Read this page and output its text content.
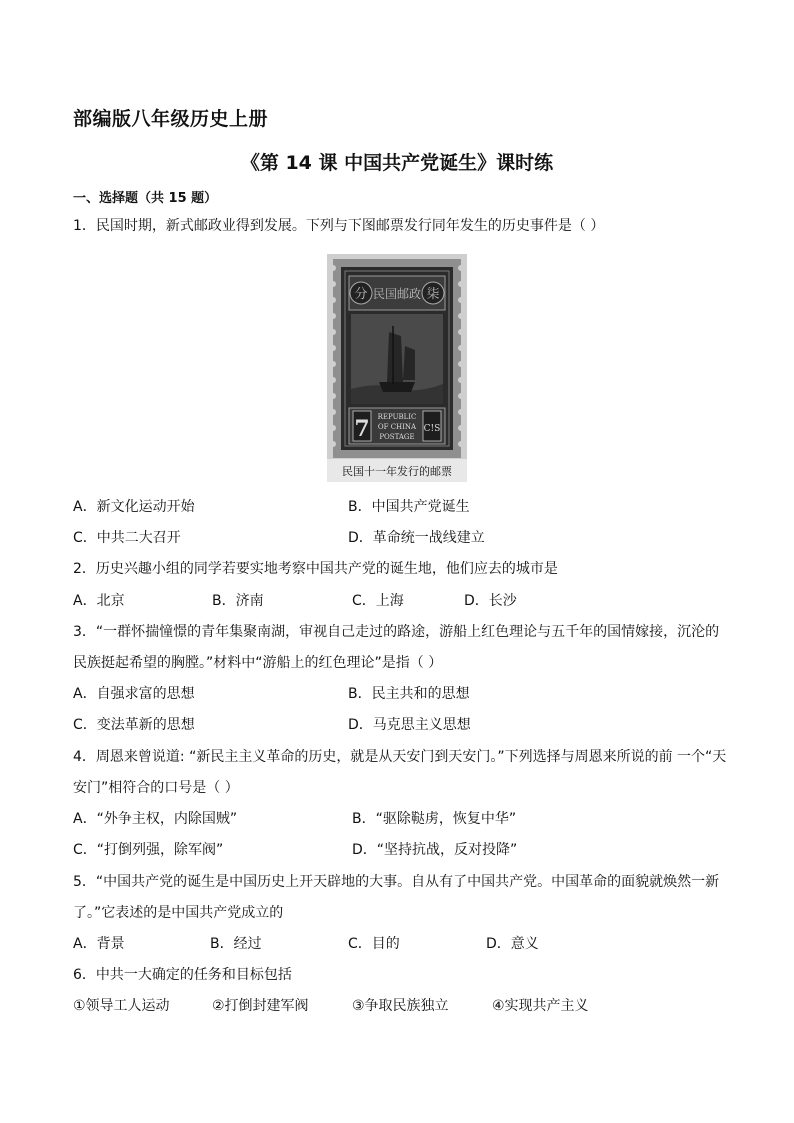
部编版八年级历史上册
《第 14 课 中国共产党诞生》课时练
一、选择题（共 15 题）
1．民国时期，新式邮政业得到发展。下列与下图邮票发行同年发生的历史事件是（ ）
分	柒
民国邮政
7	C!S
REPUBLIC
OF CHINA
POSTAGE
民国十一年发行的邮票
A．新文化运动开始	B．中国共产党诞生
C．中共二大召开	D．革命统一战线建立
2．历史兴趣小组的同学若要实地考察中国共产党的诞生地，他们应去的城市是
A．北京	B．济南	C．上海	D．长沙
3．“一群怀揣憧憬的青年集聚南湖，审视自己走过的路途，游船上红色理论与五千年的国情嫁接，沉沦的
民族挺起希望的胸膛。”材料中“游船上的红色理论”是指（ ）
A．自强求富的思想	B．民主共和的思想
C．变法革新的思想	D．马克思主义思想
4．周恩来曾说道: “新民主主义革命的历史，就是从天安门到天安门。”下列选择与周恩来所说的前 一个“天
安门”相符合的口号是（ ）
A．“外争主权，内除国贼”	B．“驱除鞑虏，恢复中华”
C．“打倒列强，除军阀”	D．“坚持抗战，反对投降”
5．“中国共产党的诞生是中国历史上开天辟地的大事。自从有了中国共产党。中国革命的面貌就焕然一新
了。”它表述的是中国共产党成立的
A．背景	B．经过	C．目的	D．意义
6．中共一大确定的任务和目标包括
①领导工人运动	②打倒封建军阀	③争取民族独立	④实现共产主义
